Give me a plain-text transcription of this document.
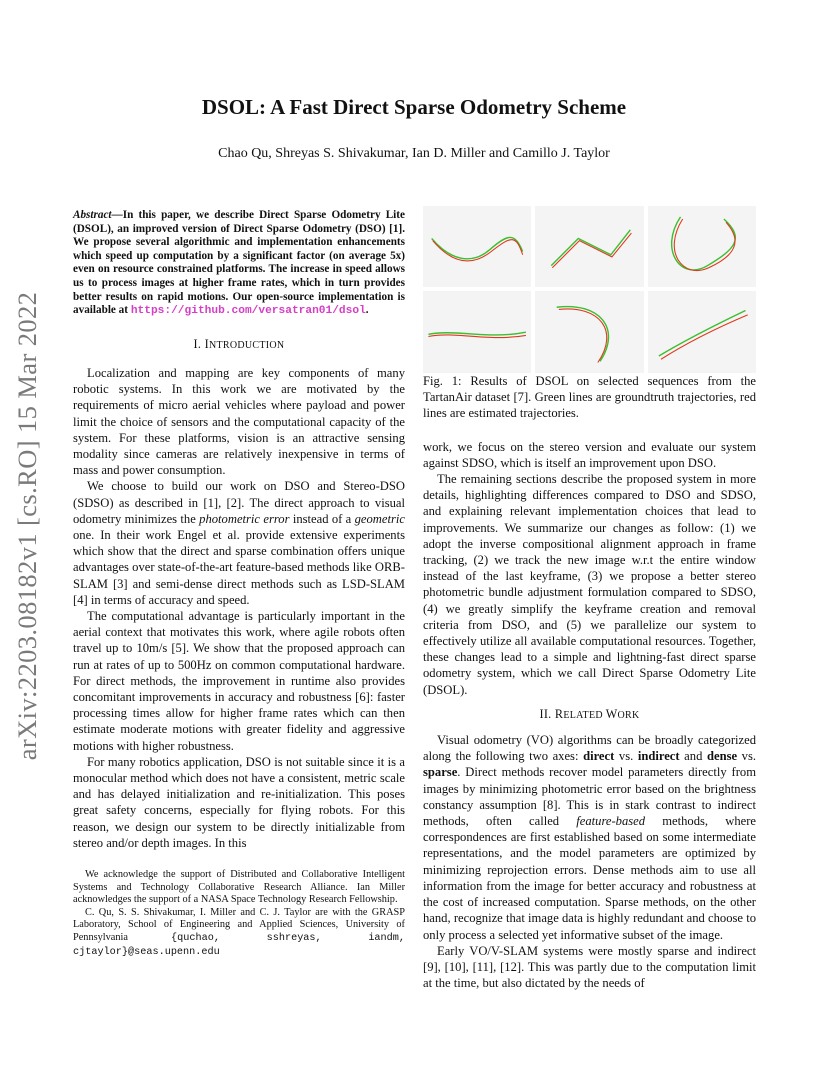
DSOL: A Fast Direct Sparse Odometry Scheme
Chao Qu, Shreyas S. Shivakumar, Ian D. Miller and Camillo J. Taylor
arXiv:2203.08182v1 [cs.RO] 15 Mar 2022
Abstract—In this paper, we describe Direct Sparse Odometry Lite (DSOL), an improved version of Direct Sparse Odometry (DSO) [1]. We propose several algorithmic and implementation enhancements which speed up computation by a significant factor (on average 5x) even on resource constrained platforms. The increase in speed allows us to process images at higher frame rates, which in turn provides better results on rapid motions. Our open-source implementation is available at https://github.com/versatran01/dsol.
I. INTRODUCTION
Localization and mapping are key components of many robotic systems. In this work we are motivated by the requirements of micro aerial vehicles where payload and power limit the choice of sensors and the computational capacity of the system. For these platforms, vision is an attractive sensing modality since cameras are relatively inexpensive in terms of mass and power consumption.
We choose to build our work on DSO and Stereo-DSO (SDSO) as described in [1], [2]. The direct approach to visual odometry minimizes the photometric error instead of a geometric one. In their work Engel et al. provide extensive experiments which show that the direct and sparse combination offers unique advantages over state-of-the-art feature-based methods like ORB-SLAM [3] and semi-dense direct methods such as LSD-SLAM [4] in terms of accuracy and speed.
The computational advantage is particularly important in the aerial context that motivates this work, where agile robots often travel up to 10m/s [5]. We show that the proposed approach can run at rates of up to 500Hz on common computational hardware. For direct methods, the improvement in runtime also provides concomitant improvements in accuracy and robustness [6]: faster processing times allow for higher frame rates which can then estimate moderate motions with greater fidelity and aggressive motions with higher robustness.
For many robotics application, DSO is not suitable since it is a monocular method which does not have a consistent, metric scale and has delayed initialization and re-initialization. This poses great safety concerns, especially for flying robots. For this reason, we design our system to be directly initializable from stereo and/or depth images. In this
We acknowledge the support of Distributed and Collaborative Intelligent Systems and Technology Collaborative Research Alliance. Ian Miller acknowledges the support of a NASA Space Technology Research Fellowship.
C. Qu, S. S. Shivakumar, I. Miller and C. J. Taylor are with the GRASP Laboratory, School of Engineering and Applied Sciences, University of Pennsylvania {quchao, sshreyas, iandm, cjtaylor}@seas.upenn.edu
Fig. 1: Results of DSOL on selected sequences from the TartanAir dataset [7]. Green lines are groundtruth trajectories, red lines are estimated trajectories.
work, we focus on the stereo version and evaluate our system against SDSO, which is itself an improvement upon DSO.
The remaining sections describe the proposed system in more details, highlighting differences compared to DSO and SDSO, and explaining relevant implementation choices that lead to improvements. We summarize our changes as follow: (1) we adopt the inverse compositional alignment approach in frame tracking, (2) we track the new image w.r.t the entire window instead of the last keyframe, (3) we propose a better stereo photometric bundle adjustment formulation compared to SDSO, (4) we greatly simplify the keyframe creation and removal criteria from DSO, and (5) we parallelize our system to effectively utilize all available computational resources. Together, these changes lead to a simple and lightning-fast direct sparse odometry system, which we call Direct Sparse Odometry Lite (DSOL).
II. RELATED WORK
Visual odometry (VO) algorithms can be broadly categorized along the following two axes: direct vs. indirect and dense vs. sparse. Direct methods recover model parameters directly from images by minimizing photometric error based on the brightness constancy assumption [8]. This is in stark contrast to indirect methods, often called feature-based methods, where correspondences are first established based on some intermediate representations, and the model parameters are optimized by minimizing reprojection errors. Dense methods aim to use all information from the image for better accuracy and robustness at the cost of increased computation. Sparse methods, on the other hand, recognize that image data is highly redundant and choose to only process a selected yet informative subset of the image.
Early VO/V-SLAM systems were mostly sparse and indirect [9], [10], [11], [12]. This was partly due to the computation limit at the time, but also dictated by the needs of
